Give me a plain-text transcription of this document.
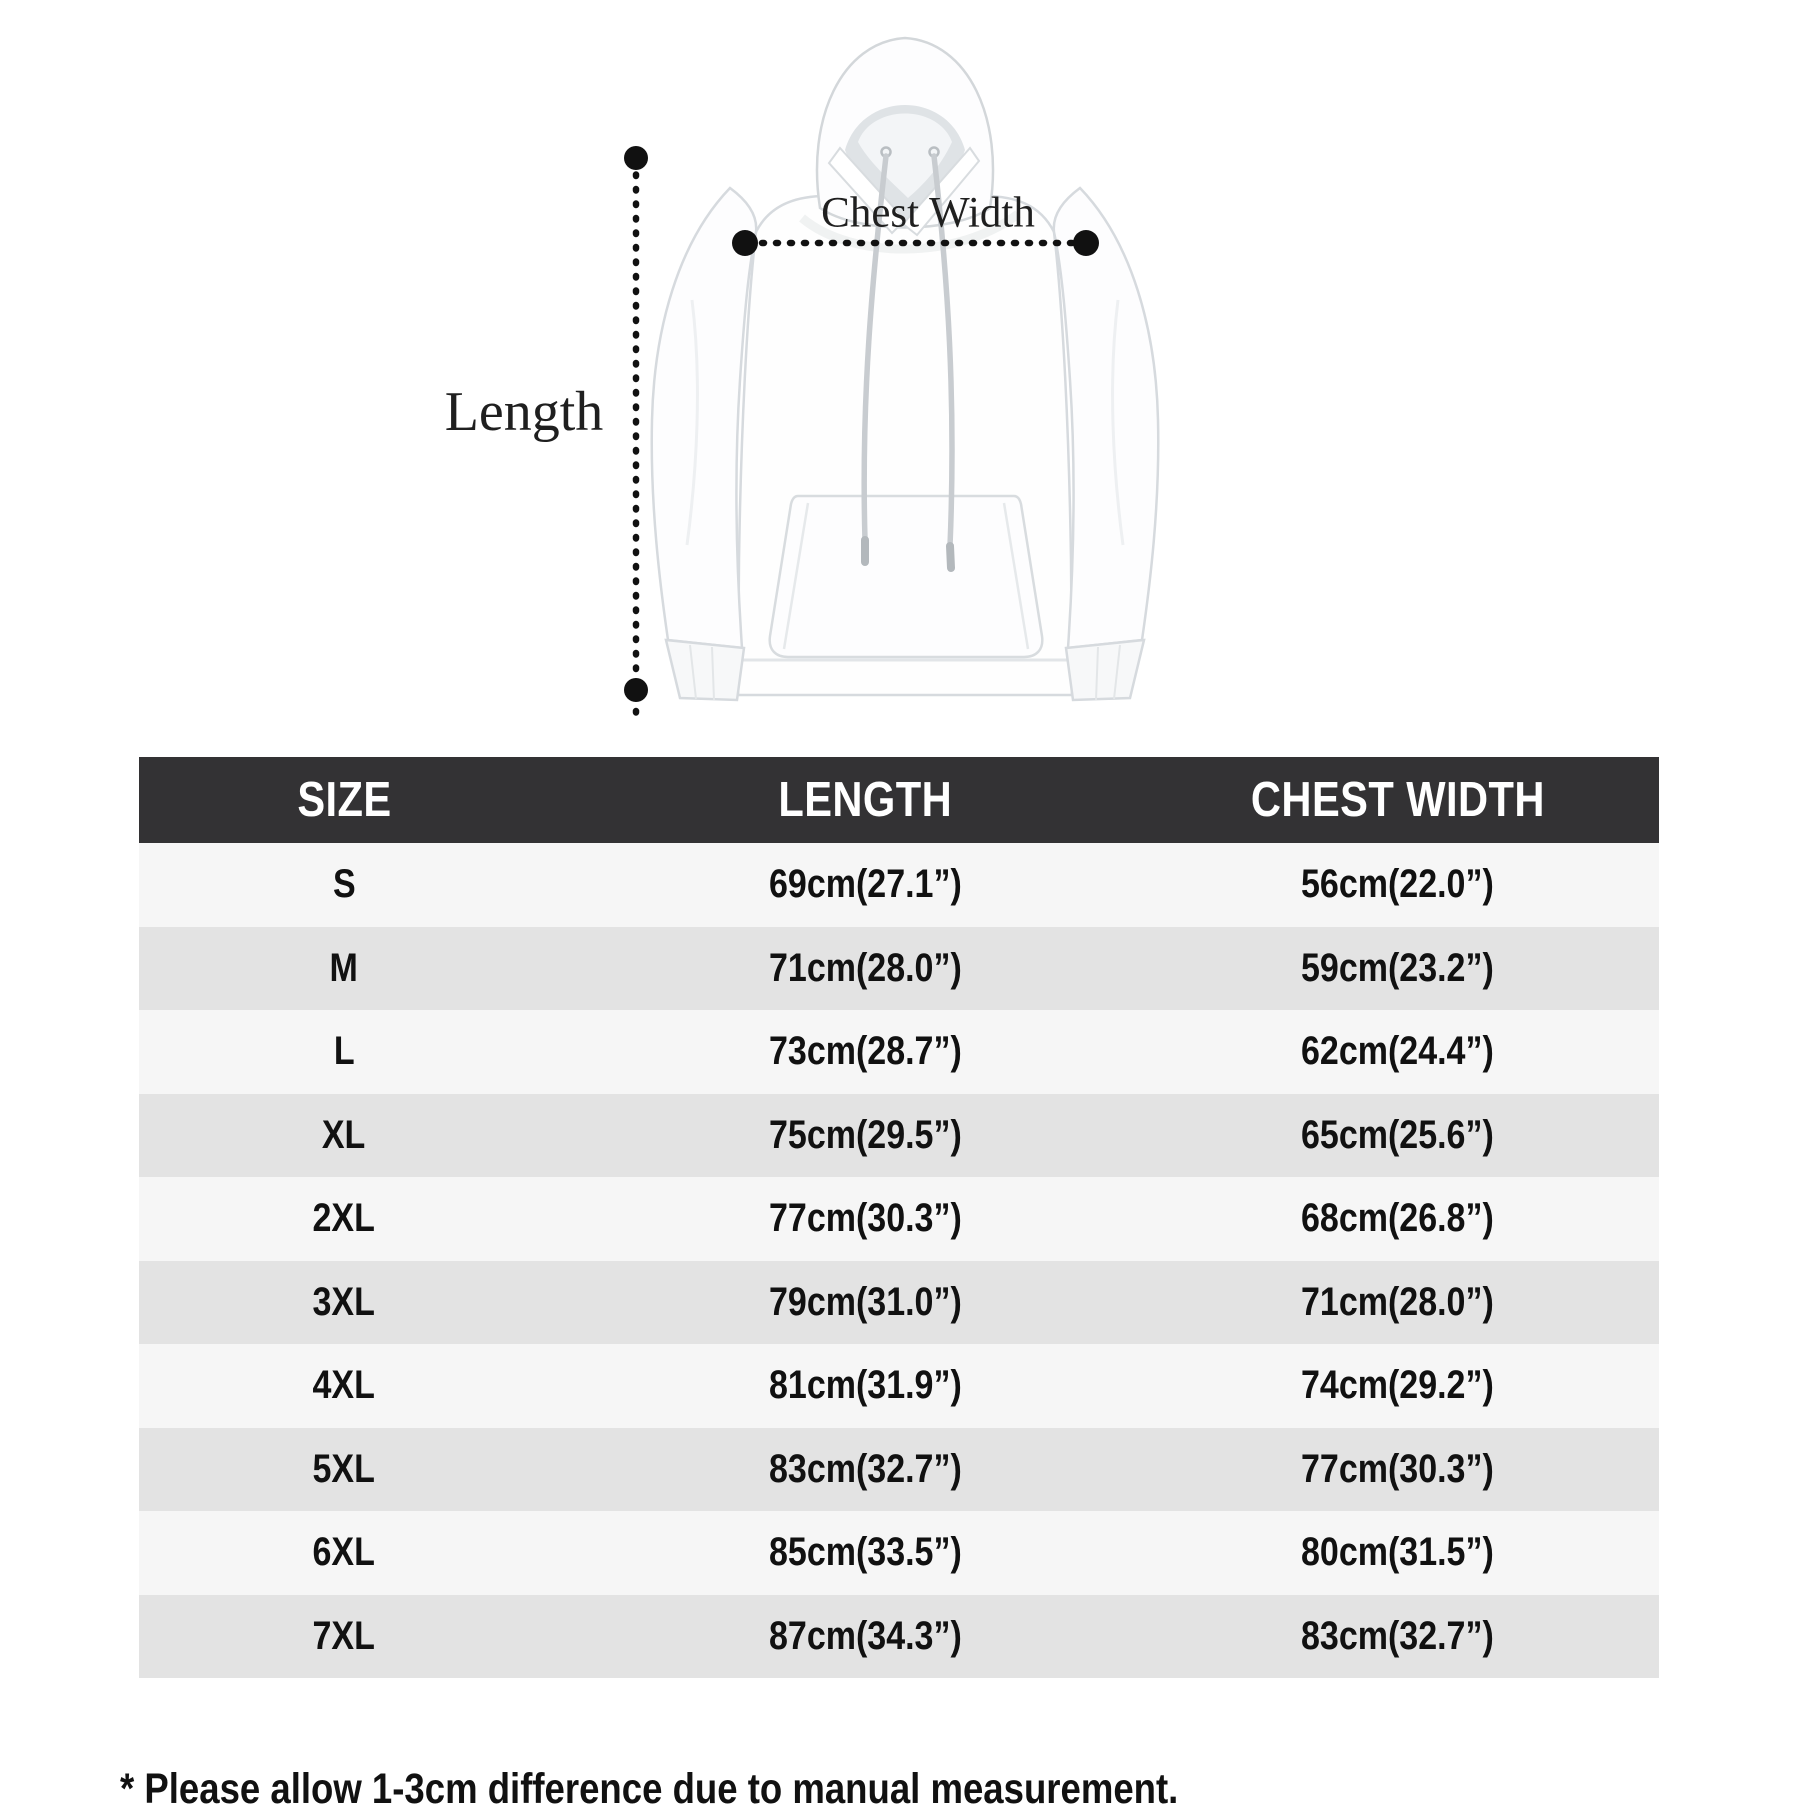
Chest Width
Length
SIZE	LENGTH	CHEST WIDTH
S	69cm(27.1”)	56cm(22.0”)
M	71cm(28.0”)	59cm(23.2”)
L	73cm(28.7”)	62cm(24.4”)
XL	75cm(29.5”)	65cm(25.6”)
2XL	77cm(30.3”)	68cm(26.8”)
3XL	79cm(31.0”)	71cm(28.0”)
4XL	81cm(31.9”)	74cm(29.2”)
5XL	83cm(32.7”)	77cm(30.3”)
6XL	85cm(33.5”)	80cm(31.5”)
7XL	87cm(34.3”)	83cm(32.7”)

* Please allow 1-3cm difference due to manual measurement.
